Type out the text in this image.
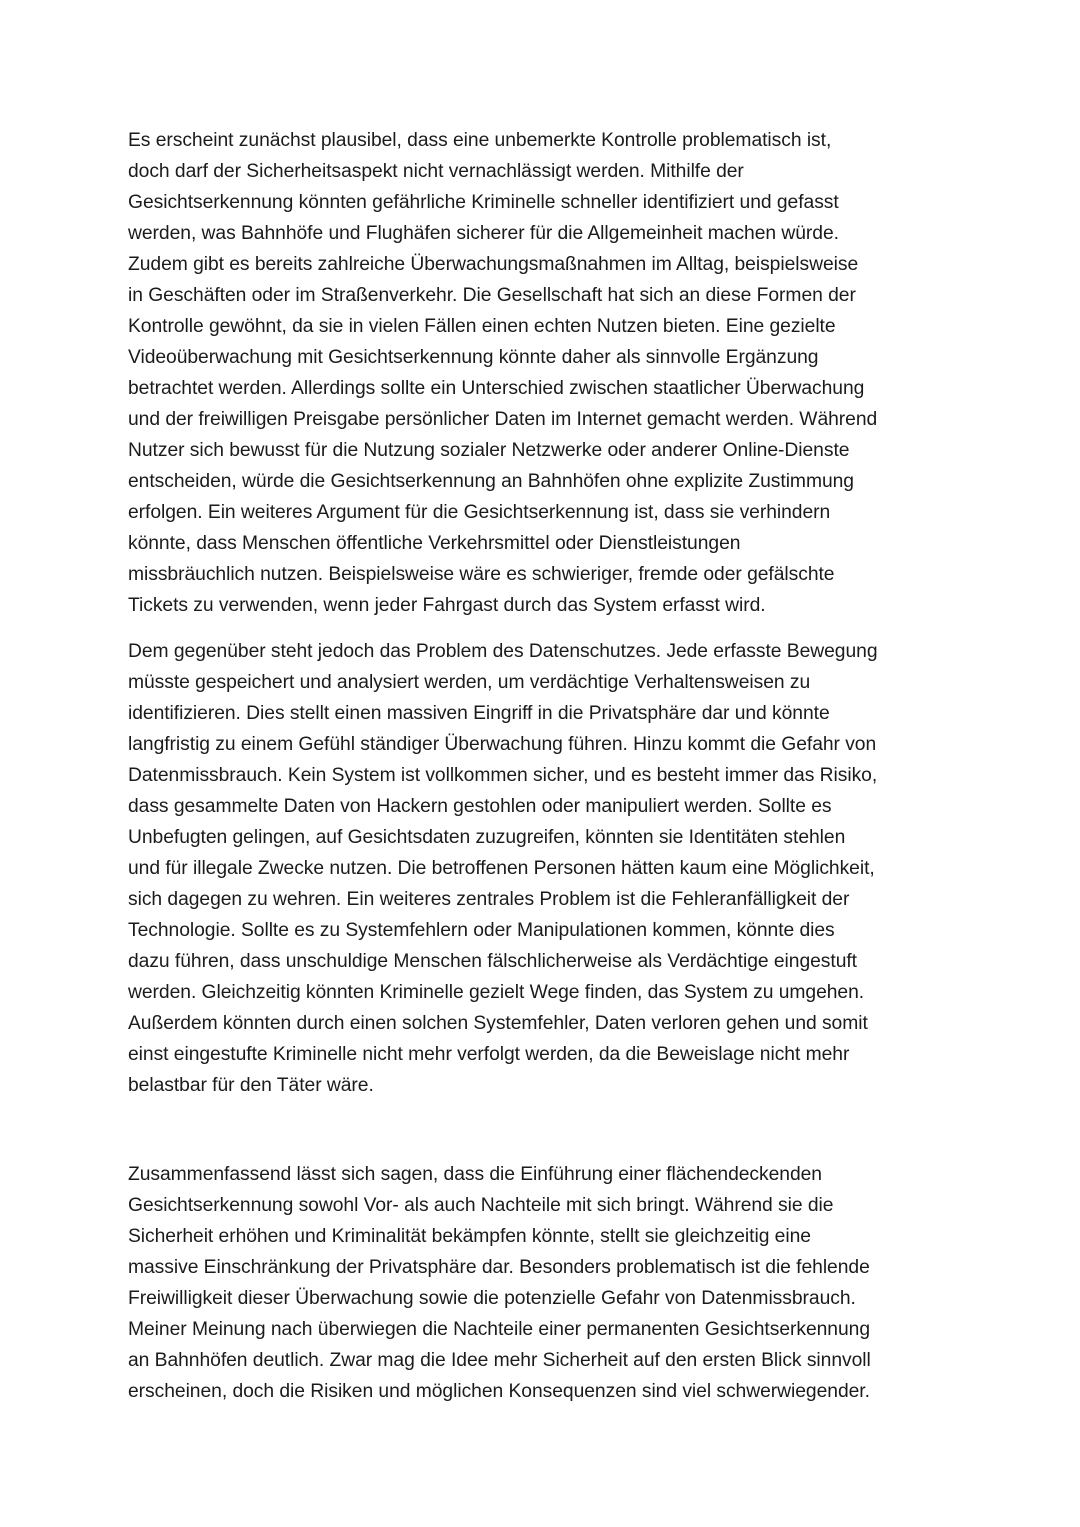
Es erscheint zunächst plausibel, dass eine unbemerkte Kontrolle problematisch ist,
doch darf der Sicherheitsaspekt nicht vernachlässigt werden. Mithilfe der
Gesichtserkennung könnten gefährliche Kriminelle schneller identifiziert und gefasst
werden, was Bahnhöfe und Flughäfen sicherer für die Allgemeinheit machen würde.
Zudem gibt es bereits zahlreiche Überwachungsmaßnahmen im Alltag, beispielsweise
in Geschäften oder im Straßenverkehr. Die Gesellschaft hat sich an diese Formen der
Kontrolle gewöhnt, da sie in vielen Fällen einen echten Nutzen bieten. Eine gezielte
Videoüberwachung mit Gesichtserkennung könnte daher als sinnvolle Ergänzung
betrachtet werden. Allerdings sollte ein Unterschied zwischen staatlicher Überwachung
und der freiwilligen Preisgabe persönlicher Daten im Internet gemacht werden. Während
Nutzer sich bewusst für die Nutzung sozialer Netzwerke oder anderer Online-Dienste
entscheiden, würde die Gesichtserkennung an Bahnhöfen ohne explizite Zustimmung
erfolgen. Ein weiteres Argument für die Gesichtserkennung ist, dass sie verhindern
könnte, dass Menschen öffentliche Verkehrsmittel oder Dienstleistungen
missbräuchlich nutzen. Beispielsweise wäre es schwieriger, fremde oder gefälschte
Tickets zu verwenden, wenn jeder Fahrgast durch das System erfasst wird.

Dem gegenüber steht jedoch das Problem des Datenschutzes. Jede erfasste Bewegung
müsste gespeichert und analysiert werden, um verdächtige Verhaltensweisen zu
identifizieren. Dies stellt einen massiven Eingriff in die Privatsphäre dar und könnte
langfristig zu einem Gefühl ständiger Überwachung führen. Hinzu kommt die Gefahr von
Datenmissbrauch. Kein System ist vollkommen sicher, und es besteht immer das Risiko,
dass gesammelte Daten von Hackern gestohlen oder manipuliert werden. Sollte es
Unbefugten gelingen, auf Gesichtsdaten zuzugreifen, könnten sie Identitäten stehlen
und für illegale Zwecke nutzen. Die betroffenen Personen hätten kaum eine Möglichkeit,
sich dagegen zu wehren. Ein weiteres zentrales Problem ist die Fehleranfälligkeit der
Technologie. Sollte es zu Systemfehlern oder Manipulationen kommen, könnte dies
dazu führen, dass unschuldige Menschen fälschlicherweise als Verdächtige eingestuft
werden. Gleichzeitig könnten Kriminelle gezielt Wege finden, das System zu umgehen.
Außerdem könnten durch einen solchen Systemfehler, Daten verloren gehen und somit
einst eingestufte Kriminelle nicht mehr verfolgt werden, da die Beweislage nicht mehr
belastbar für den Täter wäre.

Zusammenfassend lässt sich sagen, dass die Einführung einer flächendeckenden
Gesichtserkennung sowohl Vor- als auch Nachteile mit sich bringt. Während sie die
Sicherheit erhöhen und Kriminalität bekämpfen könnte, stellt sie gleichzeitig eine
massive Einschränkung der Privatsphäre dar. Besonders problematisch ist die fehlende
Freiwilligkeit dieser Überwachung sowie die potenzielle Gefahr von Datenmissbrauch.
Meiner Meinung nach überwiegen die Nachteile einer permanenten Gesichtserkennung
an Bahnhöfen deutlich. Zwar mag die Idee mehr Sicherheit auf den ersten Blick sinnvoll
erscheinen, doch die Risiken und möglichen Konsequenzen sind viel schwerwiegender.
